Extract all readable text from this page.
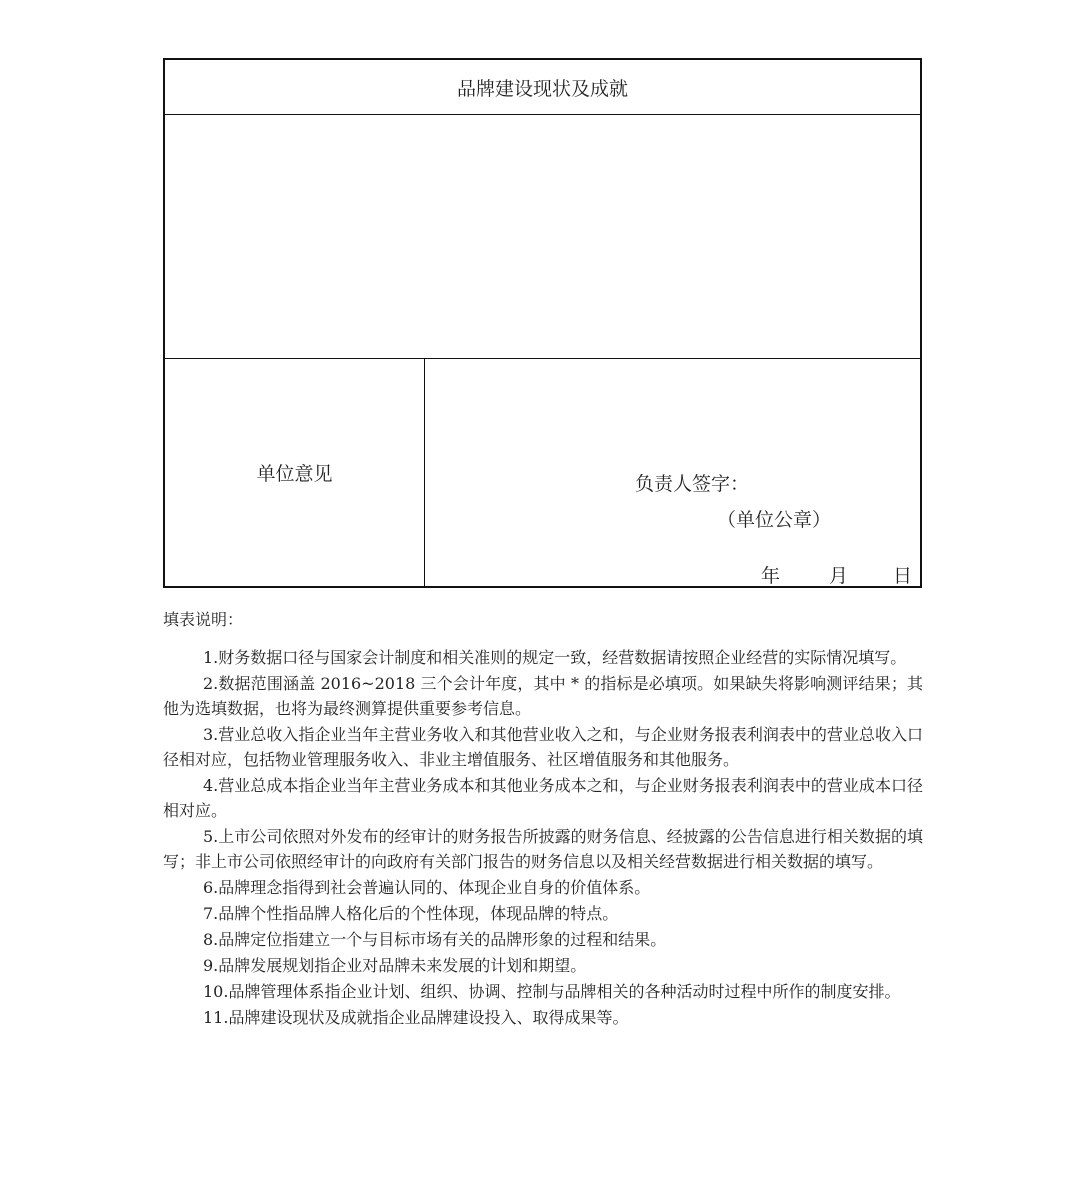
品牌建设现状及成就
单位意见	负责人签字：
（单位公章）
年	月 日

填表说明：

1.财务数据口径与国家会计制度和相关准则的规定一致，经营数据请按照企业经营的实际情况填写。

2.数据范围涵盖 2016~2018 三个会计年度，其中 * 的指标是必填项。如果缺失将影响测评结果；其他为选填数据，也将为最终测算提供重要参考信息。

3.营业总收入指企业当年主营业务收入和其他营业收入之和，与企业财务报表利润表中的营业总收入口径相对应，包括物业管理服务收入、非业主增值服务、社区增值服务和其他服务。

4.营业总成本指企业当年主营业务成本和其他业务成本之和，与企业财务报表利润表中的营业成本口径相对应。

5.上市公司依照对外发布的经审计的财务报告所披露的财务信息、经披露的公告信息进行相关数据的填写；非上市公司依照经审计的向政府有关部门报告的财务信息以及相关经营数据进行相关数据的填写。

6.品牌理念指得到社会普遍认同的、体现企业自身的价值体系。

7.品牌个性指品牌人格化后的个性体现，体现品牌的特点。

8.品牌定位指建立一个与目标市场有关的品牌形象的过程和结果。

9.品牌发展规划指企业对品牌未来发展的计划和期望。

10.品牌管理体系指企业计划、组织、协调、控制与品牌相关的各种活动时过程中所作的制度安排。

11.品牌建设现状及成就指企业品牌建设投入、取得成果等。
